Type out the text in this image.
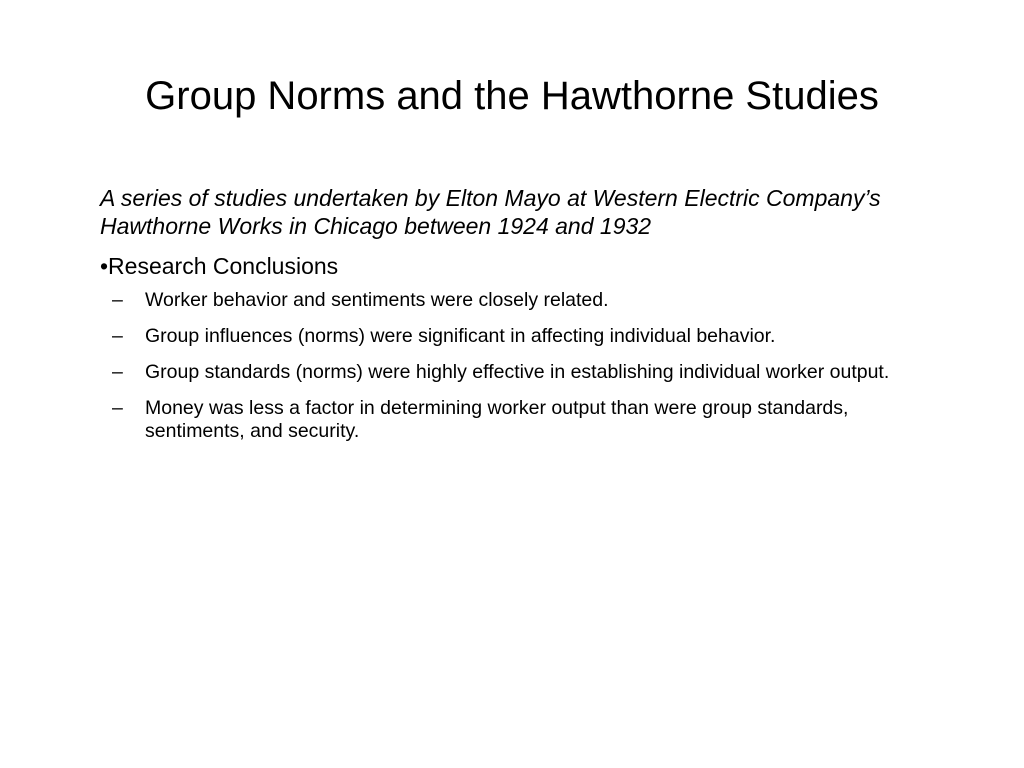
Group Norms and the Hawthorne Studies

A series of studies undertaken by Elton Mayo at Western Electric Company’s Hawthorne Works in Chicago between 1924 and 1932

•Research Conclusions

– Worker behavior and sentiments were closely related.
– Group influences (norms) were significant in affecting individual behavior.
– Group standards (norms) were highly effective in establishing individual worker output.
– Money was less a factor in determining worker output than were group standards, sentiments, and security.
